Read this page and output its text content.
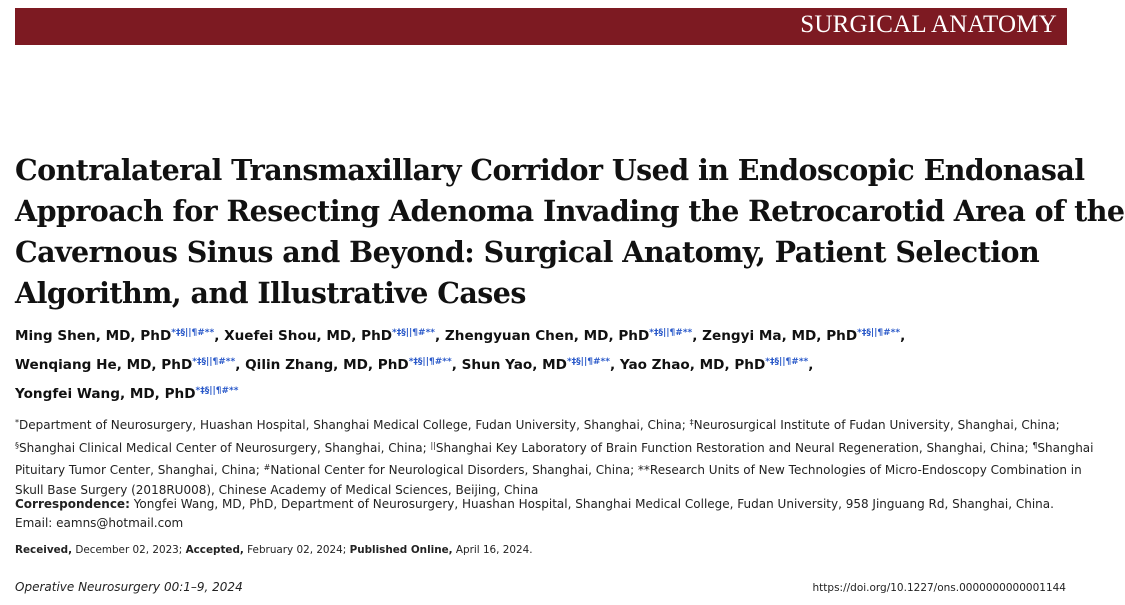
SURGICAL ANATOMY
Contralateral Transmaxillary Corridor Used in Endoscopic Endonasal
Approach for Resecting Adenoma Invading the Retrocarotid Area of the
Cavernous Sinus and Beyond: Surgical Anatomy, Patient Selection
Algorithm, and Illustrative Cases
Ming Shen, MD, PhD*‡§||¶#**, Xuefei Shou, MD, PhD*‡§||¶#**, Zhengyuan Chen, MD, PhD*‡§||¶#**, Zengyi Ma, MD, PhD*‡§||¶#**,
Wenqiang He, MD, PhD*‡§||¶#**, Qilin Zhang, MD, PhD*‡§||¶#**, Shun Yao, MD*‡§||¶#**, Yao Zhao, MD, PhD*‡§||¶#**,
Yongfei Wang, MD, PhD*‡§||¶#**
*Department of Neurosurgery, Huashan Hospital, Shanghai Medical College, Fudan University, Shanghai, China; ‡Neurosurgical Institute of Fudan University, Shanghai, China;
§Shanghai Clinical Medical Center of Neurosurgery, Shanghai, China; ||Shanghai Key Laboratory of Brain Function Restoration and Neural Regeneration, Shanghai, China; ¶Shanghai
Pituitary Tumor Center, Shanghai, China; #National Center for Neurological Disorders, Shanghai, China; **Research Units of New Technologies of Micro-Endoscopy Combination in
Skull Base Surgery (2018RU008), Chinese Academy of Medical Sciences, Beijing, China
Correspondence: Yongfei Wang, MD, PhD, Department of Neurosurgery, Huashan Hospital, Shanghai Medical College, Fudan University, 958 Jinguang Rd, Shanghai, China.
Email: eamns@hotmail.com
Received, December 02, 2023; Accepted, February 02, 2024; Published Online, April 16, 2024.
Operative Neurosurgery 00:1–9, 2024	https://doi.org/10.1227/ons.0000000000001144
